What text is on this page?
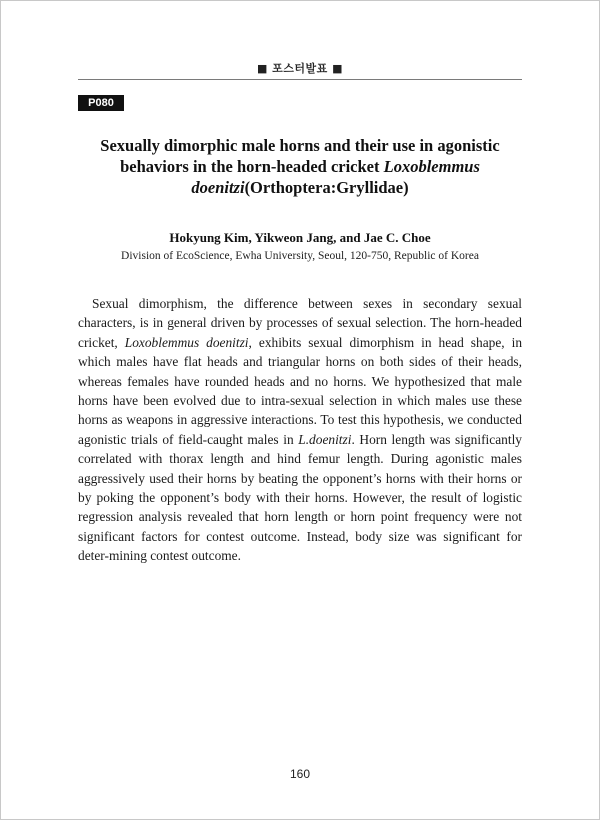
■ 포스터발표 ■
P080
Sexually dimorphic male horns and their use in agonistic behaviors in the horn-headed cricket Loxoblemmus doenitzi(Orthoptera:Gryllidae)
Hokyung Kim, Yikweon Jang, and Jae C. Choe
Division of EcoScience, Ewha University, Seoul, 120-750, Republic of Korea
Sexual dimorphism, the difference between sexes in secondary sexual characters, is in general driven by processes of sexual selection. The horn-headed cricket, Loxoblemmus doenitzi, exhibits sexual dimorphism in head shape, in which males have flat heads and triangular horns on both sides of their heads, whereas females have rounded heads and no horns. We hypothesized that male horns have been evolved due to intra-sexual selection in which males use these horns as weapons in aggressive interactions. To test this hypothesis, we conducted agonistic trials of field-caught males in L.doenitzi. Horn length was significantly correlated with thorax length and hind femur length. During agonistic males aggressively used their horns by beating the opponent’s horns with their horns or by poking the opponent’s body with their horns. However, the result of logistic regression analysis revealed that horn length or horn point frequency were not significant factors for contest outcome. Instead, body size was significant for deter-mining contest outcome.
160
